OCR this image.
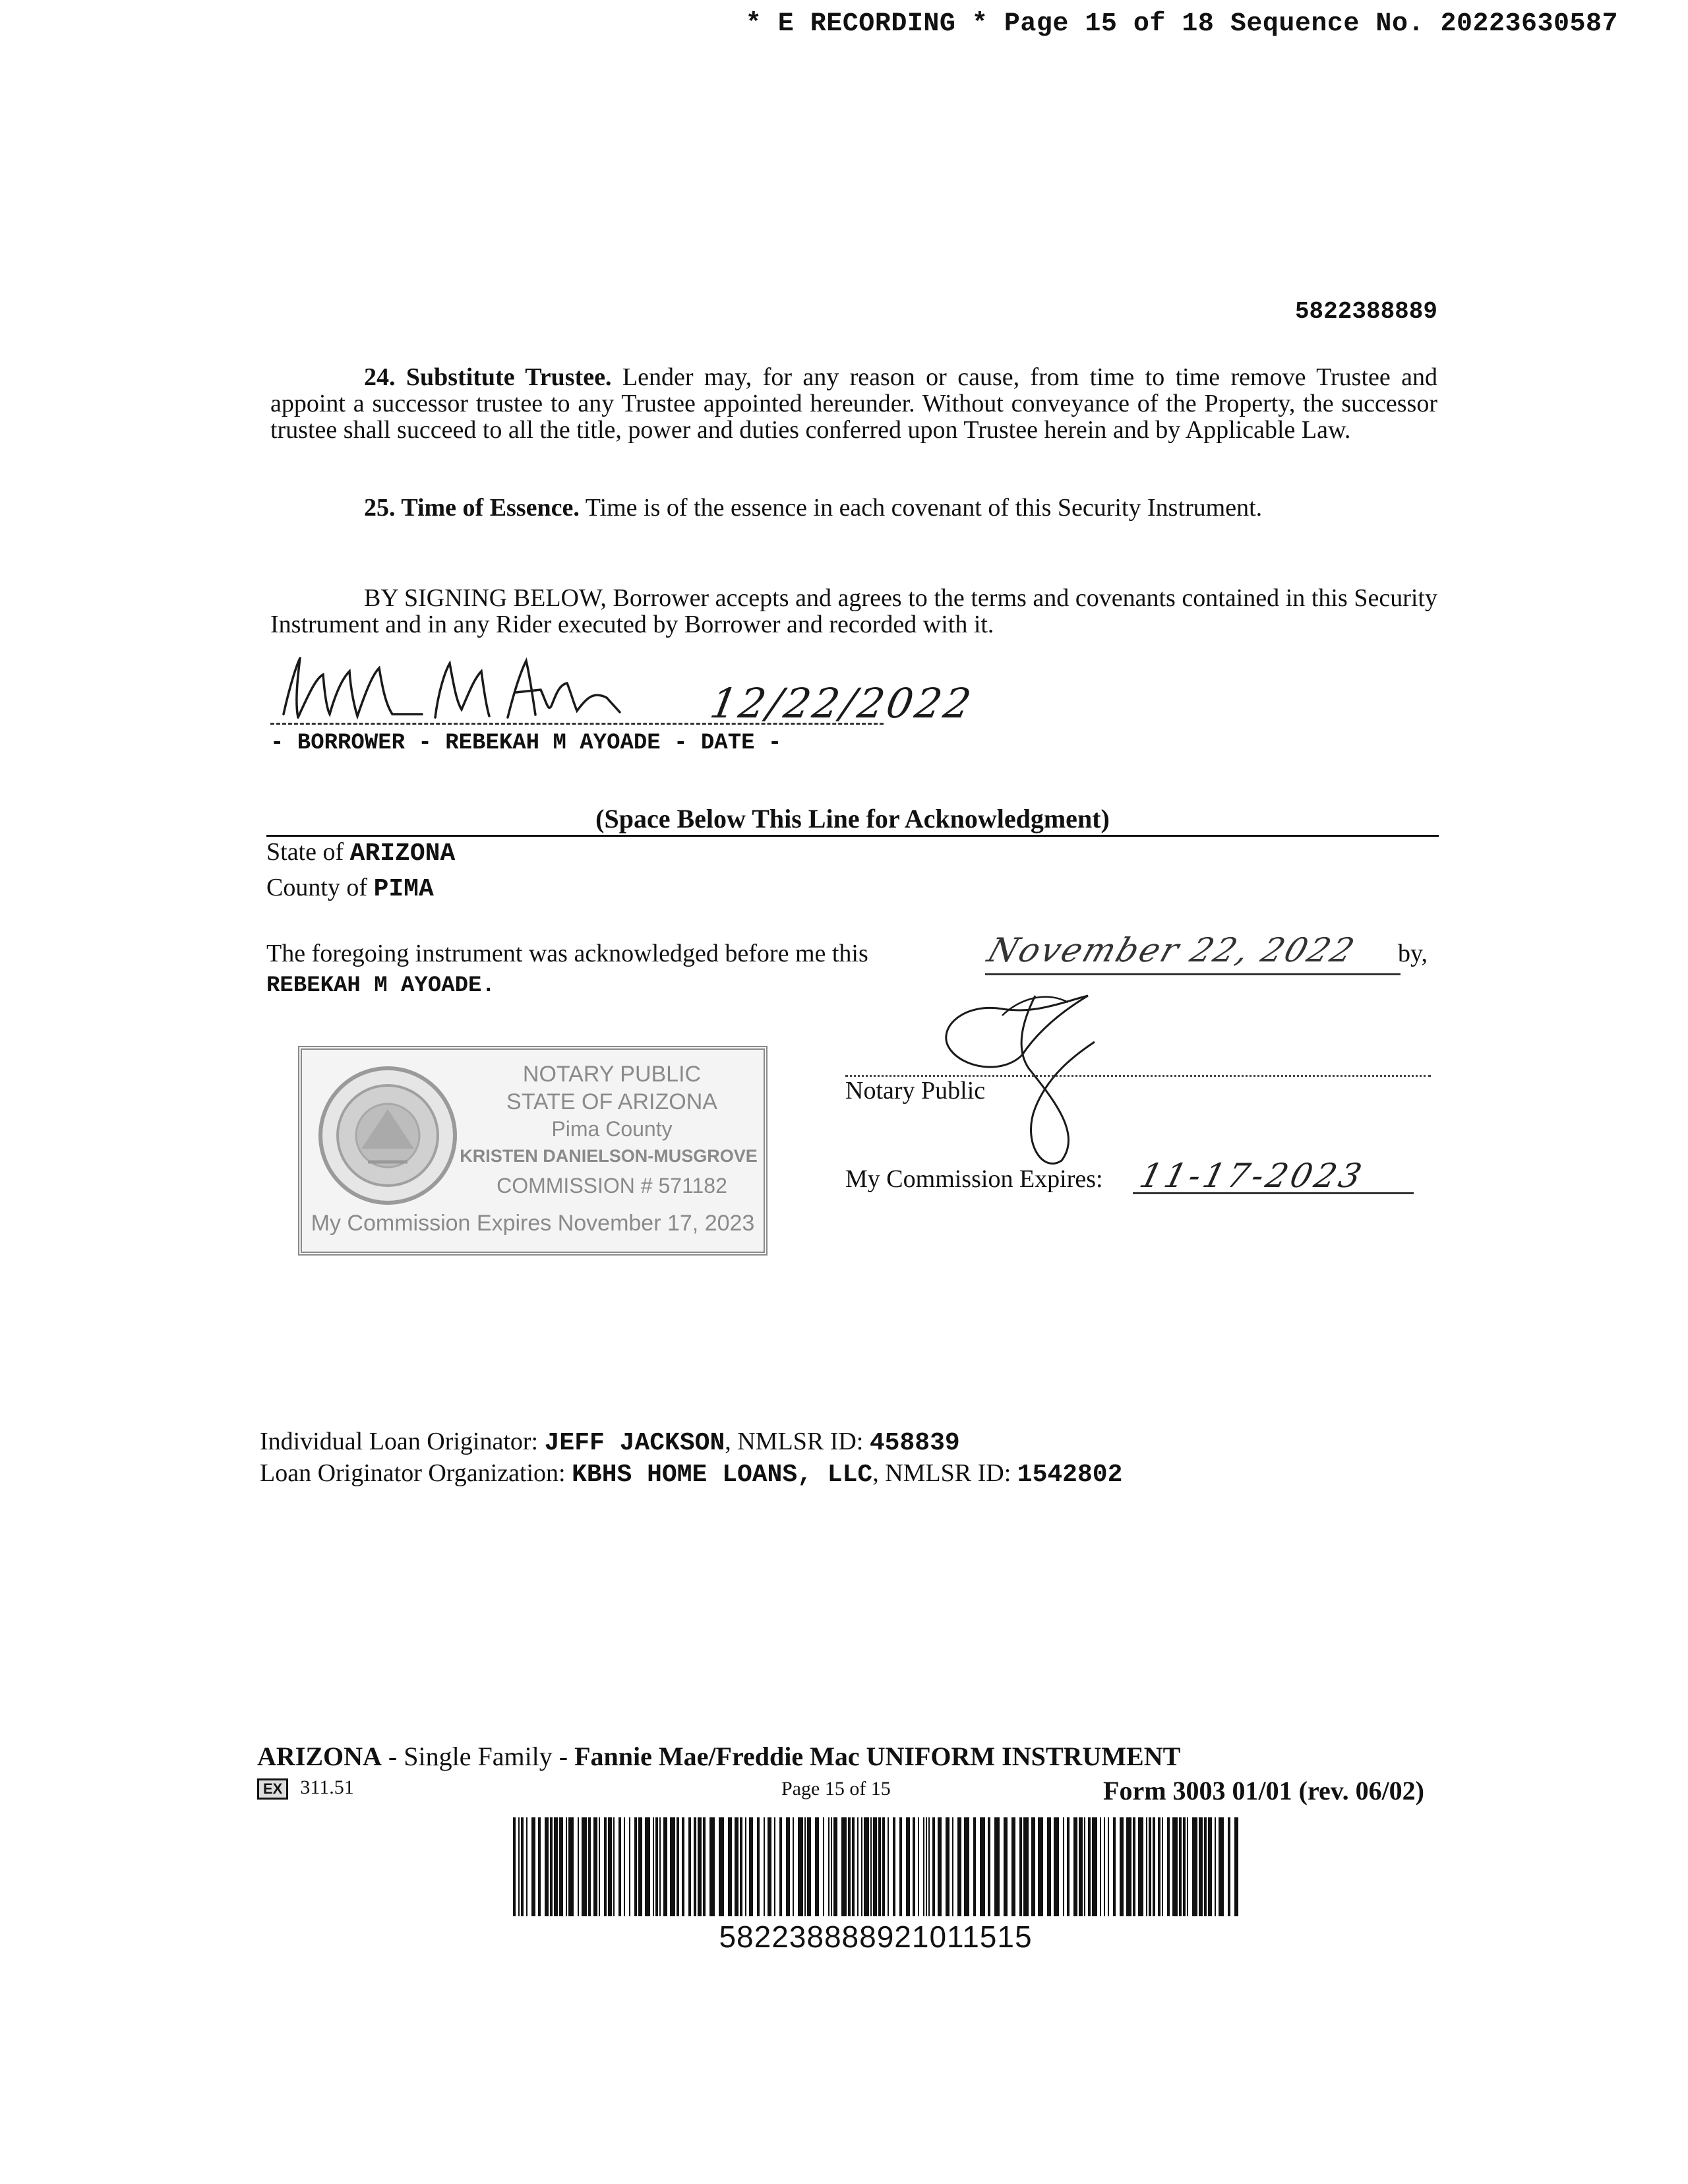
* E RECORDING * Page 15 of 18 Sequence No. 20223630587
5822388889

24. Substitute Trustee. Lender may, for any reason or cause, from time to time remove Trustee and appoint a successor trustee to any Trustee appointed hereunder. Without conveyance of the Property, the successor trustee shall succeed to all the title, power and duties conferred upon Trustee herein and by Applicable Law.

25. Time of Essence. Time is of the essence in each covenant of this Security Instrument.

BY SIGNING BELOW, Borrower accepts and agrees to the terms and covenants contained in this Security Instrument and in any Rider executed by Borrower and recorded with it.

12/22/2022
- BORROWER - REBEKAH M AYOADE - DATE -
(Space Below This Line for Acknowledgment)
State of ARIZONA
County of PIMA
The foregoing instrument was acknowledged before me this	November 22, 2022	by,
REBEKAH M AYOADE.
NOTARY PUBLIC
STATE OF ARIZONA
Pima County
KRISTEN DANIELSON-MUSGROVE
COMMISSION # 571182
My Commission Expires November 17, 2023
Notary Public
My Commission Expires: 11-17-2023
Individual Loan Originator: JEFF JACKSON, NMLSR ID: 458839
Loan Originator Organization: KBHS HOME LOANS, LLC, NMLSR ID: 1542802
ARIZONA - Single Family - Fannie Mae/Freddie Mac UNIFORM INSTRUMENT
EX 311.51	Page 15 of 15	Form 3003 01/01 (rev. 06/02)
582238888921011515
